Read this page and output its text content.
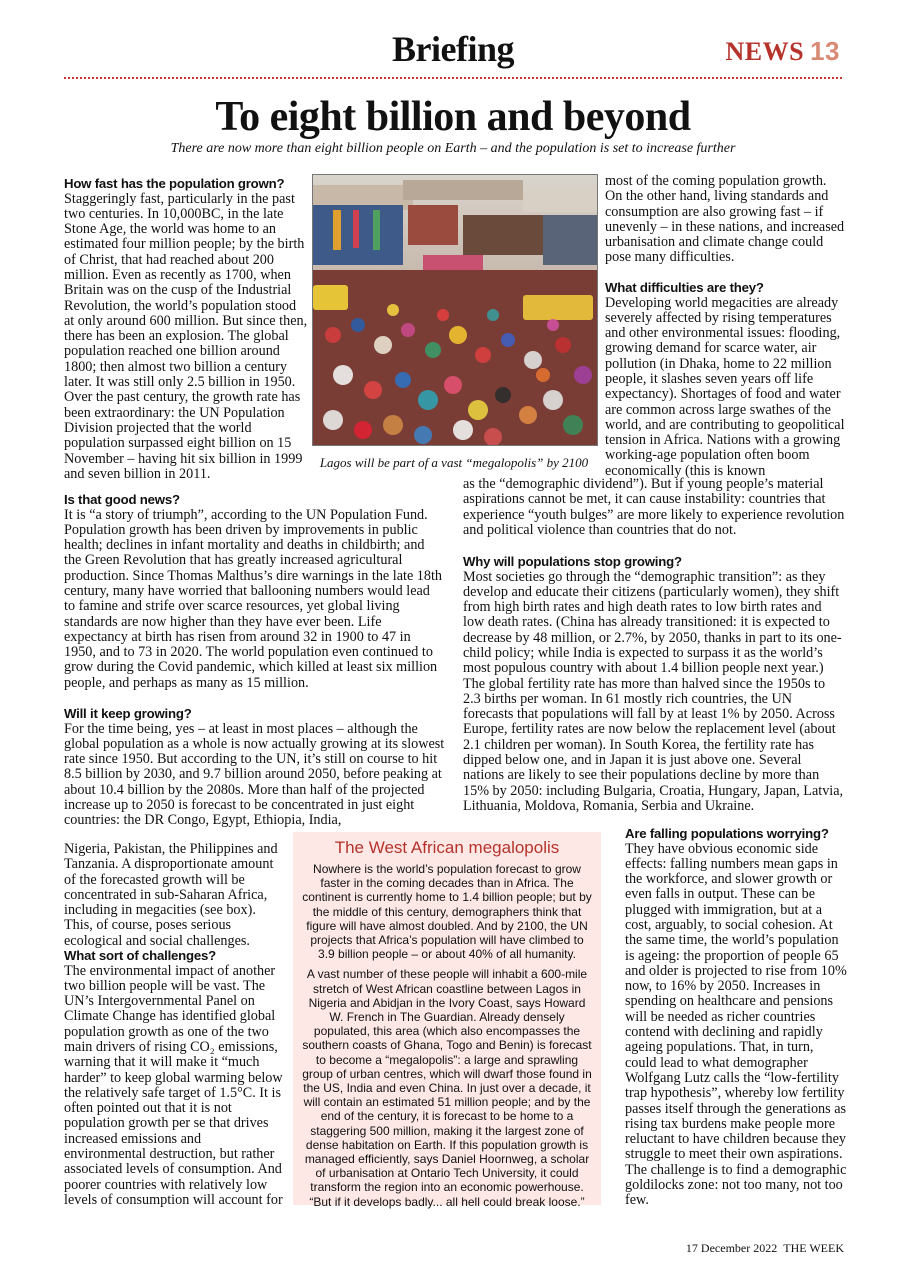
Briefing	NEWS 13
To eight billion and beyond
There are now more than eight billion people on Earth – and the population is set to increase further
How fast has the population grown?

Staggeringly fast, particularly in the past two centuries. In 10,000BC, in the late Stone Age, the world was home to an estimated four million people; by the birth of Christ, that had reached about 200 million. Even as recently as 1700, when Britain was on the cusp of the Industrial Revolution, the world’s population stood at only around 600 million. But since then, there has been an explosion. The global population reached one billion around 1800; then almost two billion a century later. It was still only 2.5 billion in 1950. Over the past century, the growth rate has been extraordinary: the UN Population Division projected that the world population surpassed eight billion on 15 November – having hit six billion in 1999 and seven billion in 2011.

Lagos will be part of a vast “megalopolis” by 2100

most of the coming population growth. On the other hand, living standards and consumption are also growing fast – if unevenly – in these nations, and increased urbanisation and climate change could pose many difficulties.

What difficulties are they?

Developing world megacities are already severely affected by rising temperatures and other environmental issues: flooding, growing demand for scarce water, air pollution (in Dhaka, home to 22 million people, it slashes seven years off life expectancy). Shortages of food and water are common across large swathes of the world, and are contributing to geopolitical tension in Africa. Nations with a growing working-age population often boom economically (this is known

as the “demographic dividend”). But if young people’s material aspirations cannot be met, it can cause instability: countries that experience “youth bulges” are more likely to experience revolution and political violence than countries that do not.

Is that good news?

It is “a story of triumph”, according to the UN Population Fund. Population growth has been driven by improvements in public health; declines in infant mortality and deaths in childbirth; and the Green Revolution that has greatly increased agricultural production. Since Thomas Malthus’s dire warnings in the late 18th century, many have worried that ballooning numbers would lead to famine and strife over scarce resources, yet global living standards are now higher than they have ever been. Life expectancy at birth has risen from around 32 in 1900 to 47 in 1950, and to 73 in 2020. The world population even continued to grow during the Covid pandemic, which killed at least six million people, and perhaps as many as 15 million.

Why will populations stop growing?

Most societies go through the “demographic transition”: as they develop and educate their citizens (particularly women), they shift from high birth rates and high death rates to low birth rates and low death rates. (China has already transitioned: it is expected to decrease by 48 million, or 2.7%, by 2050, thanks in part to its one-child policy; while India is expected to surpass it as the world’s most populous country with about 1.4 billion people next year.) The global fertility rate has more than halved since the 1950s to 2.3 births per woman. In 61 mostly rich countries, the UN forecasts that populations will fall by at least 1% by 2050. Across Europe, fertility rates are now below the replacement level (about 2.1 children per woman). In South Korea, the fertility rate has dipped below one, and in Japan it is just above one. Several nations are likely to see their populations decline by more than 15% by 2050: including Bulgaria, Croatia, Hungary, Japan, Latvia, Lithuania, Moldova, Romania, Serbia and Ukraine.

Will it keep growing?

For the time being, yes – at least in most places – although the global population as a whole is now actually growing at its slowest rate since 1950. But according to the UN, it’s still on course to hit 8.5 billion by 2030, and 9.7 billion around 2050, before peaking at about 10.4 billion by the 2080s. More than half of the projected increase up to 2050 is forecast to be concentrated in just eight countries: the DR Congo, Egypt, Ethiopia, India,

Nigeria, Pakistan, the Philippines and Tanzania. A disproportionate amount of the forecasted growth will be concentrated in sub-Saharan Africa, including in megacities (see box). This, of course, poses serious ecological and social challenges.

What sort of challenges?

The environmental impact of another two billion people will be vast. The UN’s Intergovernmental Panel on Climate Change has identified global population growth as one of the two main drivers of rising CO₂ emissions, warning that it will make it “much harder” to keep global warming below the relatively safe target of 1.5°C. It is often pointed out that it is not population growth per se that drives increased emissions and environmental destruction, but rather associated levels of consumption. And poorer countries with relatively low levels of consumption will account for

The West African megalopolis

Nowhere is the world’s population forecast to grow faster in the coming decades than in Africa. The continent is currently home to 1.4 billion people; but by the middle of this century, demographers think that figure will have almost doubled. And by 2100, the UN projects that Africa’s population will have climbed to 3.9 billion people – or about 40% of all humanity.

A vast number of these people will inhabit a 600-mile stretch of West African coastline between Lagos in Nigeria and Abidjan in the Ivory Coast, says Howard W. French in The Guardian. Already densely populated, this area (which also encompasses the southern coasts of Ghana, Togo and Benin) is forecast to become a “megalopolis”: a large and sprawling group of urban centres, which will dwarf those found in the US, India and even China. In just over a decade, it will contain an estimated 51 million people; and by the end of the century, it is forecast to be home to a staggering 500 million, making it the largest zone of dense habitation on Earth. If this population growth is managed efficiently, says Daniel Hoornweg, a scholar of urbanisation at Ontario Tech University, it could transform the region into an economic powerhouse. “But if it develops badly... all hell could break loose.”

Are falling populations worrying?

They have obvious economic side effects: falling numbers mean gaps in the workforce, and slower growth or even falls in output. These can be plugged with immigration, but at a cost, arguably, to social cohesion. At the same time, the world’s population is ageing: the proportion of people 65 and older is projected to rise from 10% now, to 16% by 2050. Increases in spending on healthcare and pensions will be needed as richer countries contend with declining and rapidly ageing populations. That, in turn, could lead to what demographer Wolfgang Lutz calls the “low-fertility trap hypothesis”, whereby low fertility passes itself through the generations as rising tax burdens make people more reluctant to have children because they struggle to meet their own aspirations. The challenge is to find a demographic goldilocks zone: not too many, not too few.

17 December 2022 THE WEEK
